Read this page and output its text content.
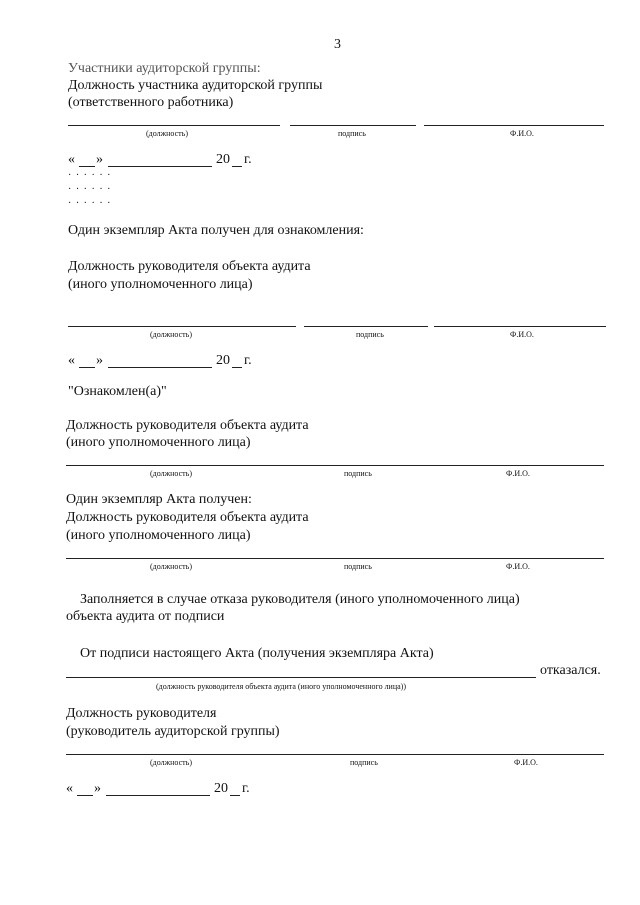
3
Участники аудиторской группы:
Должность участника аудиторской группы
(ответственного работника)
(должность)	подпись	Ф.И.О.
« »	20 г.
· · · · · ·
· · · · · ·
· · · · · ·
Один экземпляр Акта получен для ознакомления:
Должность руководителя объекта аудита
(иного уполномоченного лица)
(должность)	подпись	Ф.И.О.
« »	20 г.
"Ознакомлен(а)"
Должность руководителя объекта аудита
(иного уполномоченного лица)
(должность)	подпись	Ф.И.О.
Один экземпляр Акта получен:
Должность руководителя объекта аудита
(иного уполномоченного лица)
(должность)	подпись	Ф.И.О.
Заполняется в случае отказа руководителя (иного уполномоченного лица)
объекта аудита от подписи
От подписи настоящего Акта (получения экземпляра Акта)
отказался.
(должность руководителя объекта аудита (иного уполномоченного лица))
Должность руководителя
(руководитель аудиторской группы)
(должность)	подпись	Ф.И.О.
« »	20 г.
